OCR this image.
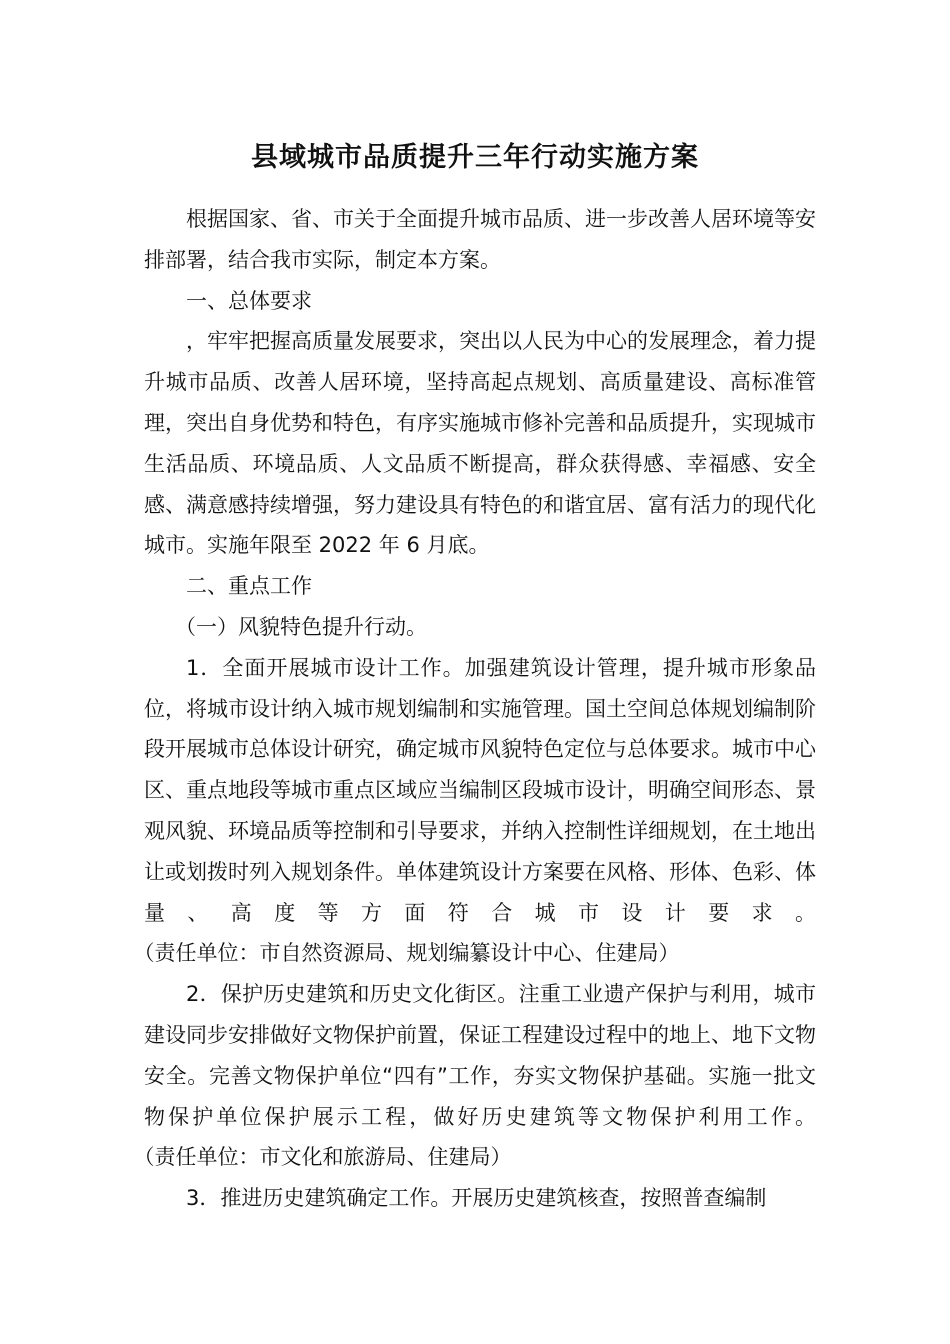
县域城市品质提升三年行动实施方案

根据国家、省、市关于全面提升城市品质、进一步改善人居环境等安排部署，结合我市实际，制定本方案。

一、总体要求

，牢牢把握高质量发展要求，突出以人民为中心的发展理念，着力提升城市品质、改善人居环境，坚持高起点规划、高质量建设、高标准管理，突出自身优势和特色，有序实施城市修补完善和品质提升，实现城市生活品质、环境品质、人文品质不断提高，群众获得感、幸福感、安全感、满意感持续增强，努力建设具有特色的和谐宜居、富有活力的现代化城市。实施年限至 2022 年 6 月底。

二、重点工作

（一）风貌特色提升行动。

1．全面开展城市设计工作。加强建筑设计管理，提升城市形象品位，将城市设计纳入城市规划编制和实施管理。国土空间总体规划编制阶段开展城市总体设计研究，确定城市风貌特色定位与总体要求。城市中心区、重点地段等城市重点区域应当编制区段城市设计，明确空间形态、景观风貌、环境品质等控制和引导要求，并纳入控制性详细规划，在土地出让或划拨时列入规划条件。单体建筑设计方案要在风格、形体、色彩、体量、高度等方面符合城市设计要求。（责任单位：市自然资源局、规划编纂设计中心、住建局）

2．保护历史建筑和历史文化街区。注重工业遗产保护与利用，城市建设同步安排做好文物保护前置，保证工程建设过程中的地上、地下文物安全。完善文物保护单位“四有”工作，夯实文物保护基础。实施一批文物保护单位保护展示工程，做好历史建筑等文物保护利用工作。（责任单位：市文化和旅游局、住建局）

3．推进历史建筑确定工作。开展历史建筑核查，按照普查编制
